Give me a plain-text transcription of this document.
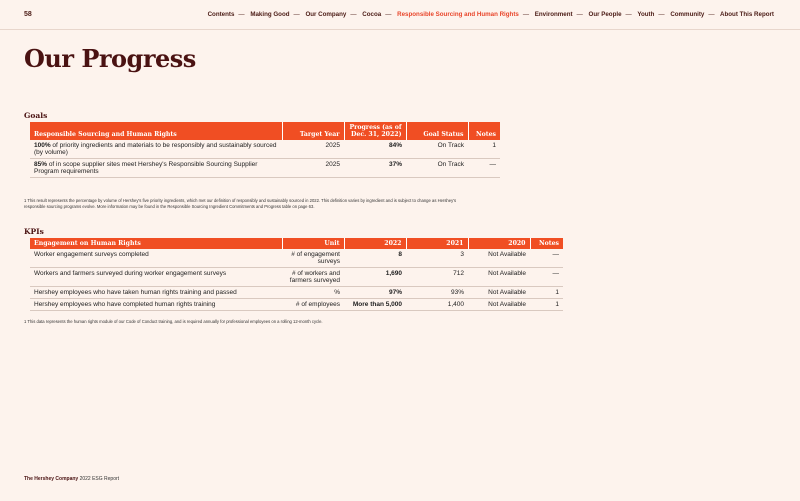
58	Contents — Making Good — Our Company — Cocoa — Responsible Sourcing and Human Rights — Environment — Our People — Youth — Community — About This Report
Our Progress
Goals
Responsible Sourcing and Human Rights	Target Year	Progress (as of Dec. 31, 2022)	Goal Status	Notes
100% of priority ingredients and materials to be responsibly and sustainably sourced (by volume)	2025	84%	On Track	1
85% of in scope supplier sites meet Hershey's Responsible Sourcing Supplier Program requirements	2025	37%	On Track	—
1 This result represents the percentage by volume of Hershey's five priority ingredients, which met our definition of responsibly and sustainably sourced in 2022. This definition varies by ingredient and is subject to change as Hershey's responsible sourcing programs evolve. More information may be found in the Responsible Sourcing Ingredient Commitments and Progress table on page 63.
KPIs
Engagement on Human Rights	Unit	2022	2021	2020	Notes
Worker engagement surveys completed	# of engagement surveys	8	3	Not Available	—
Workers and farmers surveyed during worker engagement surveys	# of workers and farmers surveyed	1,690	712	Not Available	—
Hershey employees who have taken human rights training and passed	%	97%	93%	Not Available	1
Hershey employees who have completed human rights training	# of employees	More than 5,000	1,400	Not Available	1
1 This data represents the human rights module of our Code of Conduct training, and is required annually for professional employees on a rolling 12-month cycle.
The Hershey Company 2022 ESG Report
